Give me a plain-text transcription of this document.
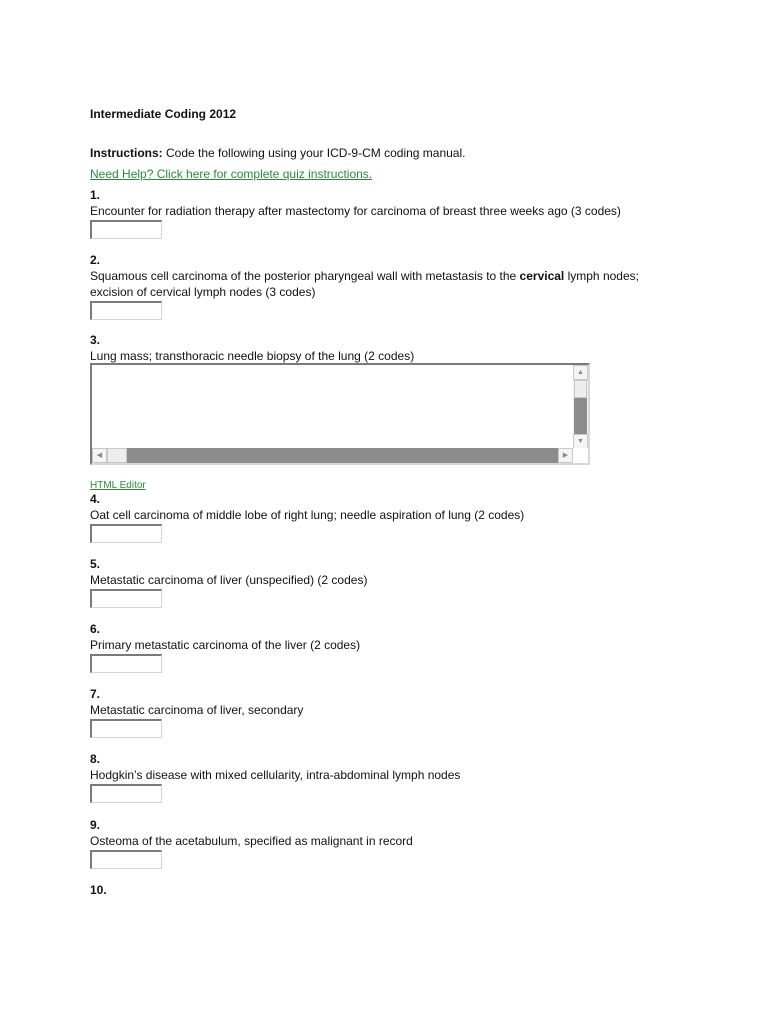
Intermediate Coding 2012
Instructions: Code the following using your ICD-9-CM coding manual.
Need Help? Click here for complete quiz instructions.
1.
Encounter for radiation therapy after mastectomy for carcinoma of breast three weeks ago (3 codes)
2.
Squamous cell carcinoma of the posterior pharyngeal wall with metastasis to the cervical lymph nodes; excision of cervical lymph nodes (3 codes)
3.
Lung mass; transthoracic needle biopsy of the lung (2 codes)
▲
▼
◀	▶
HTML Editor
4.
Oat cell carcinoma of middle lobe of right lung; needle aspiration of lung (2 codes)
5.
Metastatic carcinoma of liver (unspecified) (2 codes)
6.
Primary metastatic carcinoma of the liver (2 codes)
7.
Metastatic carcinoma of liver, secondary
8.
Hodgkin’s disease with mixed cellularity, intra-abdominal lymph nodes
9.
Osteoma of the acetabulum, specified as malignant in record
10.
